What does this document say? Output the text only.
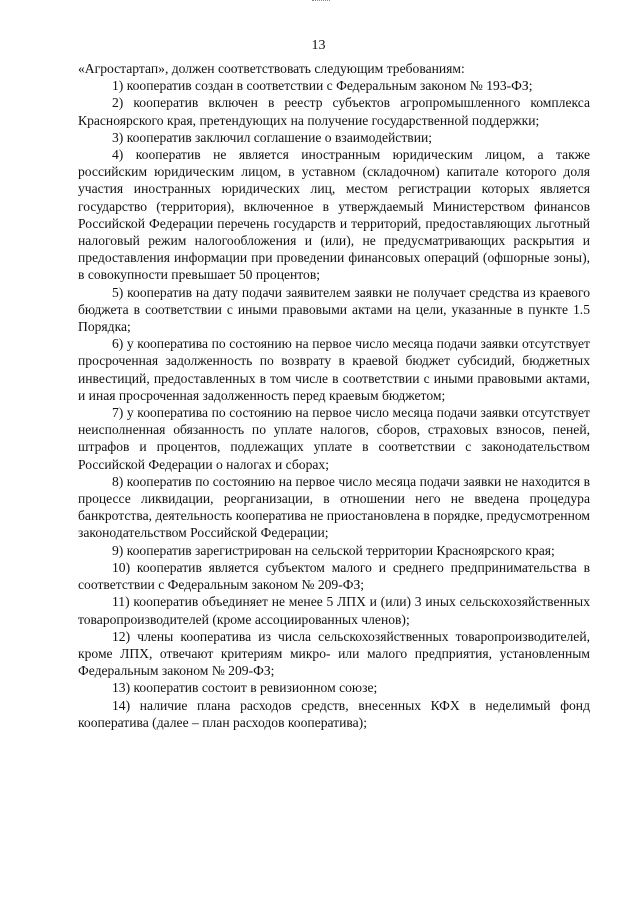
13

«Агростартап», должен соответствовать следующим требованиям:

1) кооператив создан в соответствии с Федеральным законом № 193-ФЗ;

2) кооператив включен в реестр субъектов агропромышленного комплекса Красноярского края, претендующих на получение государственной поддержки;

3) кооператив заключил соглашение о взаимодействии;

4) кооператив не является иностранным юридическим лицом, а также российским юридическим лицом, в уставном (складочном) капитале которого доля участия иностранных юридических лиц, местом регистрации которых является государство (территория), включенное в утверждаемый Министерством финансов Российской Федерации перечень государств и территорий, предоставляющих льготный налоговый режим налогообложения и (или), не предусматривающих раскрытия и предоставления информации при проведении финансовых операций (офшорные зоны), в совокупности превышает 50 процентов;

5) кооператив на дату подачи заявителем заявки не получает средства из краевого бюджета в соответствии с иными правовыми актами на цели, указанные в пункте 1.5 Порядка;

6) у кооператива по состоянию на первое число месяца подачи заявки отсутствует просроченная задолженность по возврату в краевой бюджет субсидий, бюджетных инвестиций, предоставленных в том числе в соответствии с иными правовыми актами, и иная просроченная задолженность перед краевым бюджетом;

7) у кооператива по состоянию на первое число месяца подачи заявки отсутствует неисполненная обязанность по уплате налогов, сборов, страховых взносов, пеней, штрафов и процентов, подлежащих уплате в соответствии с законодательством Российской Федерации о налогах и сборах;

8) кооператив по состоянию на первое число месяца подачи заявки не находится в процессе ликвидации, реорганизации, в отношении него не введена процедура банкротства, деятельность кооператива не приостановлена в порядке, предусмотренном законодательством Российской Федерации;

9) кооператив зарегистрирован на сельской территории Красноярского края;

10) кооператив является субъектом малого и среднего предпринимательства в соответствии с Федеральным законом № 209-ФЗ;

11) кооператив объединяет не менее 5 ЛПХ и (или) 3 иных сельскохозяйственных товаропроизводителей (кроме ассоциированных членов);

12) члены кооператива из числа сельскохозяйственных товаропроизводителей, кроме ЛПХ, отвечают критериям микро- или малого предприятия, установленным Федеральным законом № 209-ФЗ;

13) кооператив состоит в ревизионном союзе;

14) наличие плана расходов средств, внесенных КФХ в неделимый фонд кооператива (далее – план расходов кооператива);
